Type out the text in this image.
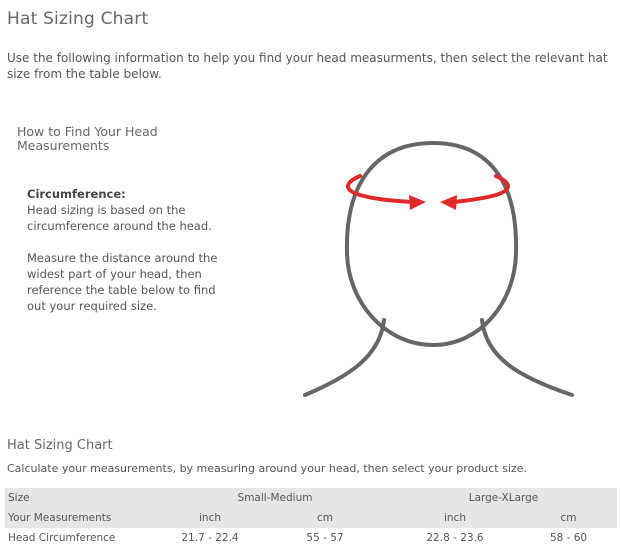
Hat Sizing Chart
Use the following information to help you find your head measurments, then select the relevant hat size from the table below.
How to Find Your Head Measurements

Circumference:
Head sizing is based on the circumference around the head.

Measure the distance around the widest part of your head, then reference the table below to find out your required size.

Hat Sizing Chart
Calculate your measurements, by measuring around your head, then select your product size.
Size	Small-Medium		Large-XLarge	
Your Measurements	inch	cm	inch	cm
Head Circumference	21.7 - 22.4	55 - 57	22.8 - 23.6	58 - 60
